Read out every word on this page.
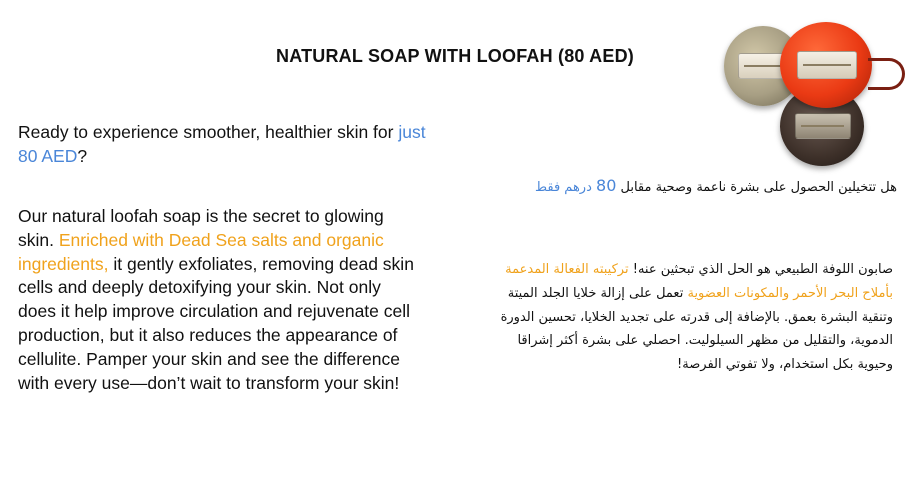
NATURAL SOAP WITH LOOFAH (80 AED)
Ready to experience smoother, healthier skin for just 80 AED?
Our natural loofah soap is the secret to glowing skin. Enriched with Dead Sea salts and organic ingredients, it gently exfoliates, removing dead skin cells and deeply detoxifying your skin. Not only does it help improve circulation and rejuvenate cell production, but it also reduces the appearance of cellulite. Pamper your skin and see the difference with every use—don’t wait to transform your skin!
هل تتخيلين الحصول على بشرة ناعمة وصحية مقابل 80 درهم فقط
صابون اللوفة الطبيعي هو الحل الذي تبحثين عنه! تركيبته الفعالة المدعمة بأملاح البحر الأحمر والمكونات العضوية تعمل على إزالة خلايا الجلد الميتة وتنقية البشرة بعمق. بالإضافة إلى قدرته على تجديد الخلايا، تحسين الدورة الدموية، والتقليل من مظهر السيلوليت. احصلي على بشرة أكثر إشراقا وحيوية بكل استخدام، ولا تفوتي الفرصة!
